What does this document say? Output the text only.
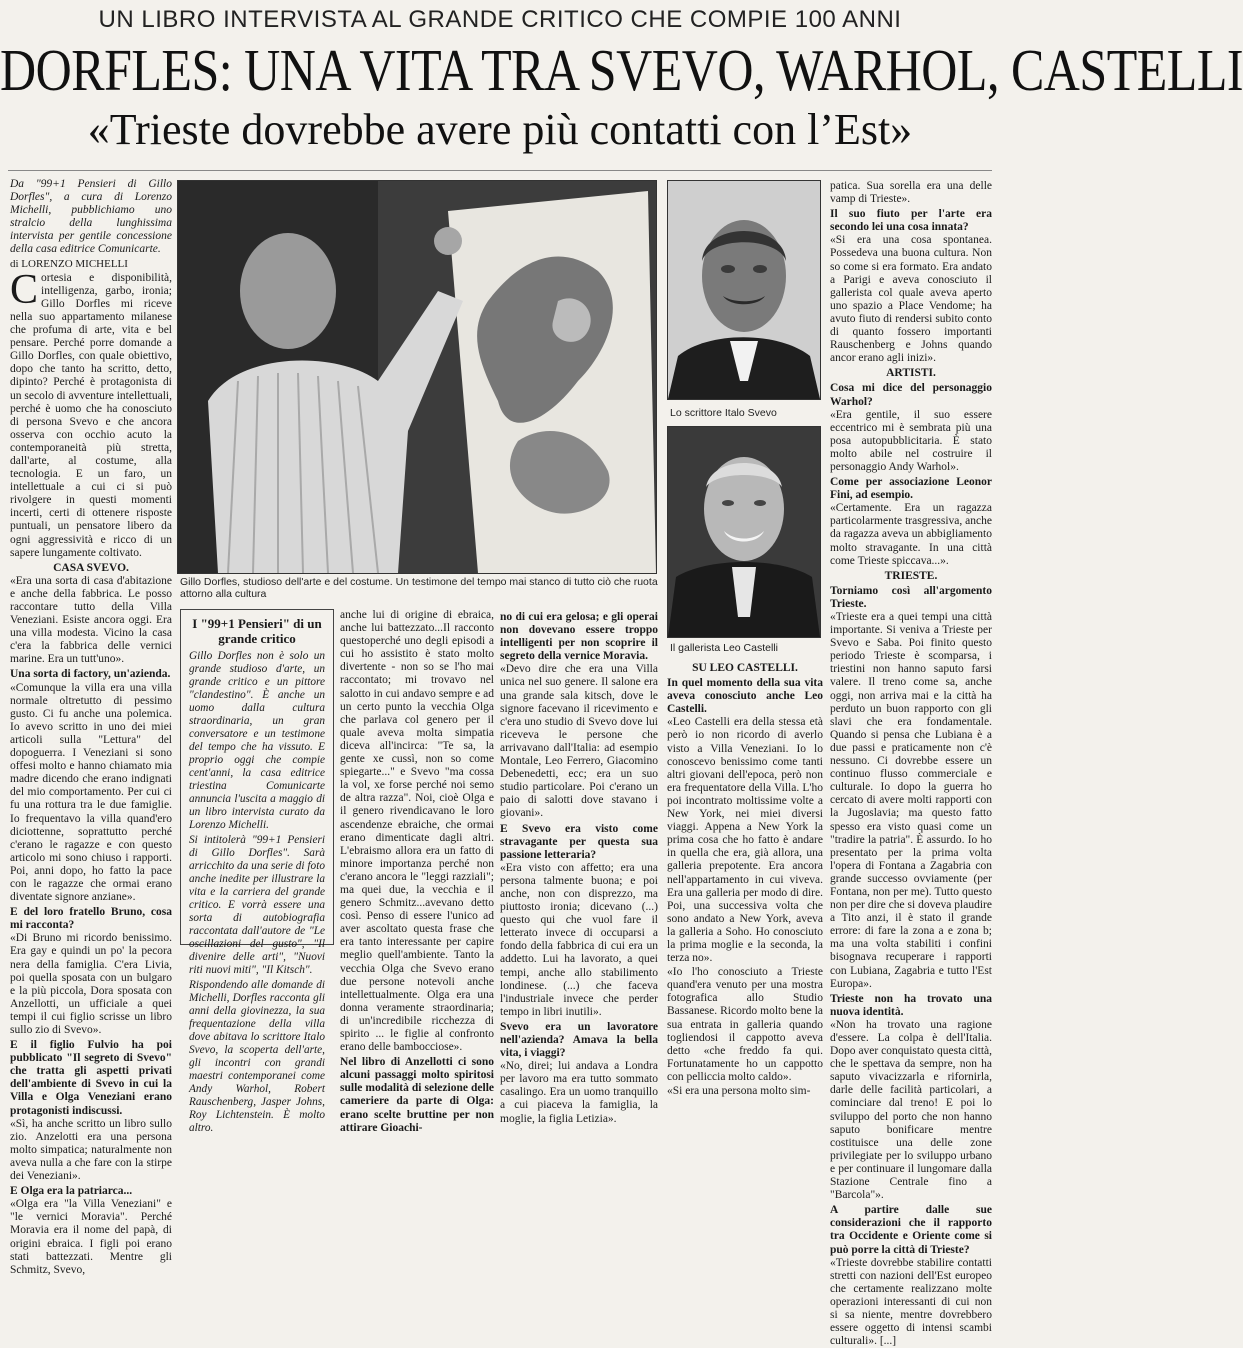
UN LIBRO INTERVISTA AL GRANDE CRITICO CHE COMPIE 100 ANNI
DORFLES: UNA VITA TRA SVEVO, WARHOL, CASTELLI
«Trieste dovrebbe avere più contatti con l’Est»

Da "99+1 Pensieri di Gillo Dorfles", a cura di Lorenzo Michelli, pubblichiamo uno stralcio della lunghissima intervista per gentile concessione della casa editrice Comunicarte.

di LORENZO MICHELLI

Cortesia e disponibilità, intelligenza, garbo, ironia; Gillo Dorfles mi riceve nella suo appartamento milanese che profuma di arte, vita e bel pensare. Perché porre domande a Gillo Dorfles, con quale obiettivo, dopo che tanto ha scritto, detto, dipinto? Perché è protagonista di un secolo di avventure intellettuali, perché è uomo che ha conosciuto di persona Svevo e che ancora osserva con occhio acuto la contemporaneità più stretta, dall'arte, al costume, alla tecnologia. E un faro, un intellettuale a cui ci si può rivolgere in questi momenti incerti, certi di ottenere risposte puntuali, un pensatore libero da ogni aggressività e ricco di un sapere lungamente coltivato.

CASA SVEVO.

«Era una sorta di casa d'abitazione e anche della fabbrica. Le posso raccontare tutto della Villa Veneziani. Esiste ancora oggi. Era una villa modesta. Vicino la casa c'era la fabbrica delle vernici marine. Era un tutt'uno».

Una sorta di factory, un'azienda.

«Comunque la villa era una villa normale oltretutto di pessimo gusto. Ci fu anche una polemica. Io avevo scritto in uno dei miei articoli sulla "Lettura" del dopoguerra. I Veneziani si sono offesi molto e hanno chiamato mia madre dicendo che erano indignati del mio comportamento. Per cui ci fu una rottura tra le due famiglie. Io frequentavo la villa quand'ero diciottenne, soprattutto perché c'erano le ragazze e con questo articolo mi sono chiuso i rapporti. Poi, anni dopo, ho fatto la pace con le ragazze che ormai erano diventate signore anziane».

E del loro fratello Bruno, cosa mi racconta?

«Di Bruno mi ricordo benissimo. Era gay e quindi un po' la pecora nera della famiglia. C'era Livia, poi quella sposata con un bulgaro e la più piccola, Dora sposata con Anzellotti, un ufficiale a quei tempi il cui figlio scrisse un libro sullo zio di Svevo».

E il figlio Fulvio ha poi pubblicato "Il segreto di Svevo" che tratta gli aspetti privati dell'ambiente di Svevo in cui la Villa e Olga Veneziani erano protagonisti indiscussi.

«Sì, ha anche scritto un libro sullo zio. Anzelotti era una persona molto simpatica; naturalmente non aveva nulla a che fare con la stirpe dei Veneziani».

E Olga era la patriarca...

«Olga era "la Villa Veneziani" e "le vernici Moravia". Perché Moravia era il nome del papà, di origini ebraica. I figli poi erano stati battezzati. Mentre gli Schmitz, Svevo,

Gillo Dorfles, studioso dell'arte e del costume. Un testimone del tempo mai stanco di tutto ciò che ruota attorno alla cultura
I "99+1 Pensieri" di un grande critico

Gillo Dorfles non è solo un grande studioso d'arte, un grande critico e un pittore "clandestino". È anche un uomo dalla cultura straordinaria, un gran conversatore e un testimone del tempo che ha vissuto. E proprio oggi che compie cent'anni, la casa editrice triestina Comunicarte annuncia l'uscita a maggio di un libro intervista curato da Lorenzo Michelli.

Si intitolerà "99+1 Pensieri di Gillo Dorfles". Sarà arricchito da una serie di foto anche inedite per illustrare la vita e la carriera del grande critico. E vorrà essere una sorta di autobiografia raccontata dall'autore de "Le oscillazioni del gusto", "Il divenire delle arti", "Nuovi riti nuovi miti", "Il Kitsch".

Rispondendo alle domande di Michelli, Dorfles racconta gli anni della giovinezza, la sua frequentazione della villa dove abitava lo scrittore Italo Svevo, la scoperta dell'arte, gli incontri con grandi maestri contemporanei come Andy Warhol, Robert Rauschenberg, Jasper Johns, Roy Lichtenstein. È molto altro.

anche lui di origine di ebraica, anche lui battezzato...Il racconto questoperché uno degli episodi a cui ho assistito è stato molto divertente - non so se l'ho mai raccontato; mi trovavo nel salotto in cui andavo sempre e ad un certo punto la vecchia Olga che parlava col genero per il quale aveva molta simpatia diceva all'incirca: "Te sa, la gente xe cussì, non so come spiegarte..." e Svevo "ma cossa la vol, xe forse perché noi semo de altra razza". Noi, cioè Olga e il genero rivendicavano le loro ascendenze ebraiche, che ormai erano dimenticate dagli altri. L'ebraismo allora era un fatto di minore importanza perché non c'erano ancora le "leggi razziali"; ma quei due, la vecchia e il genero Schmitz...avevano detto così. Penso di essere l'unico ad aver ascoltato questa frase che era tanto interessante per capire meglio quell'ambiente. Tanto la vecchia Olga che Svevo erano due persone notevoli anche intellettualmente. Olga era una donna veramente straordinaria; di un'incredibile ricchezza di spirito ... le figlie al confronto erano delle bambocciose».

Nel libro di Anzellotti ci sono alcuni passaggi molto spiritosi sulle modalità di selezione delle cameriere da parte di Olga: erano scelte bruttine per non attirare Gioachi-

no di cui era gelosa; e gli operai non dovevano essere troppo intelligenti per non scoprire il segreto della vernice Moravia.

«Devo dire che era una Villa unica nel suo genere. Il salone era una grande sala kitsch, dove le signore facevano il ricevimento e c'era uno studio di Svevo dove lui riceveva le persone che arrivavano dall'Italia: ad esempio Montale, Leo Ferrero, Giacomino Debenedetti, ecc; era un suo studio particolare. Poi c'erano un paio di salotti dove stavano i giovani».

E Svevo era visto come stravagante per questa sua passione letteraria?

«Era visto con affetto; era una persona talmente buona; e poi anche, non con disprezzo, ma piuttosto ironia; dicevano (...) questo qui che vuol fare il letterato invece di occuparsi a fondo della fabbrica di cui era un addetto. Lui ha lavorato, a quei tempi, anche allo stabilimento londinese. (...) che faceva l'industriale invece che perder tempo in libri inutili».

Svevo era un lavoratore nell'azienda? Amava la bella vita, i viaggi?

«No, direi; lui andava a Londra per lavoro ma era tutto sommato casalingo. Era un uomo tranquillo a cui piaceva la famiglia, la moglie, la figlia Letizia».

Lo scrittore Italo Svevo
Il gallerista Leo Castelli

SU LEO CASTELLI.

In quel momento della sua vita aveva conosciuto anche Leo Castelli.

«Leo Castelli era della stessa età però io non ricordo di averlo visto a Villa Veneziani. Io lo conoscevo benissimo come tanti altri giovani dell'epoca, però non era frequentatore della Villa. L'ho poi incontrato moltissime volte a New York, nei miei diversi viaggi. Appena a New York la prima cosa che ho fatto è andare in quella che era, già allora, una galleria prepotente. Era ancora nell'appartamento in cui viveva. Era una galleria per modo di dire. Poi, una successiva volta che sono andato a New York, aveva la galleria a Soho. Ho conosciuto la prima moglie e la seconda, la terza no».

«Io l'ho conosciuto a Trieste quand'era venuto per una mostra fotografica allo Studio Bassanese. Ricordo molto bene la sua entrata in galleria quando togliendosi il cappotto aveva detto «che freddo fa qui. Fortunatamente ho un cappotto con pelliccia molto caldo».

«Si era una persona molto sim-

patica. Sua sorella era una delle vamp di Trieste».

Il suo fiuto per l'arte era secondo lei una cosa innata?

«Si era una cosa spontanea. Possedeva una buona cultura. Non so come si era formato. Era andato a Parigi e aveva conosciuto il gallerista col quale aveva aperto uno spazio a Place Vendome; ha avuto fiuto di rendersi subito conto di quanto fossero importanti Rauschenberg e Johns quando ancor erano agli inizi».

ARTISTI.

Cosa mi dice del personaggio Warhol?

«Era gentile, il suo essere eccentrico mi è sembrata più una posa autopubblicitaria. È stato molto abile nel costruire il personaggio Andy Warhol».

Come per associazione Leonor Fini, ad esempio.

«Certamente. Era un ragazza particolarmente trasgressiva, anche da ragazza aveva un abbigliamento molto stravagante. In una città come Trieste spiccava...».

TRIESTE.

Torniamo così all'argomento Trieste.

«Trieste era a quei tempi una città importante. Si veniva a Trieste per Svevo e Saba. Poi finito questo periodo Trieste è scomparsa, i triestini non hanno saputo farsi valere. Il treno come sa, anche oggi, non arriva mai e la città ha perduto un buon rapporto con gli slavi che era fondamentale. Quando si pensa che Lubiana è a due passi e praticamente non c'è nessuno. Ci dovrebbe essere un continuo flusso commerciale e culturale. Io dopo la guerra ho cercato di avere molti rapporti con la Jugoslavia; ma questo fatto spesso era visto quasi come un "tradire la patria". È assurdo. Io ho presentato per la prima volta l'opera di Fontana a Zagabria con grande successo ovviamente (per Fontana, non per me). Tutto questo non per dire che si doveva plaudire a Tito anzi, il è stato il grande errore: di fare la zona a e zona b; ma una volta stabiliti i confini bisognava recuperare i rapporti con Lubiana, Zagabria e tutto l'Est Europa».

Trieste non ha trovato una nuova identità.

«Non ha trovato una ragione d'essere. La colpa è dell'Italia. Dopo aver conquistato questa città, che le spettava da sempre, non ha saputo vivacizzarla e rifornirla, darle delle facilità particolari, a cominciare dal treno! E poi lo sviluppo del porto che non hanno saputo bonificare mentre costituisce una delle zone privilegiate per lo sviluppo urbano e per continuare il lungomare dalla Stazione Centrale fino a "Barcola"».

A partire dalle sue considerazioni che il rapporto tra Occidente e Oriente come si può porre la città di Trieste?

«Trieste dovrebbe stabilire contatti stretti con nazioni dell'Est europeo che certamente realizzano molte operazioni interessanti di cui non si sa niente, mentre dovrebbero essere oggetto di intensi scambi culturali». [...]
